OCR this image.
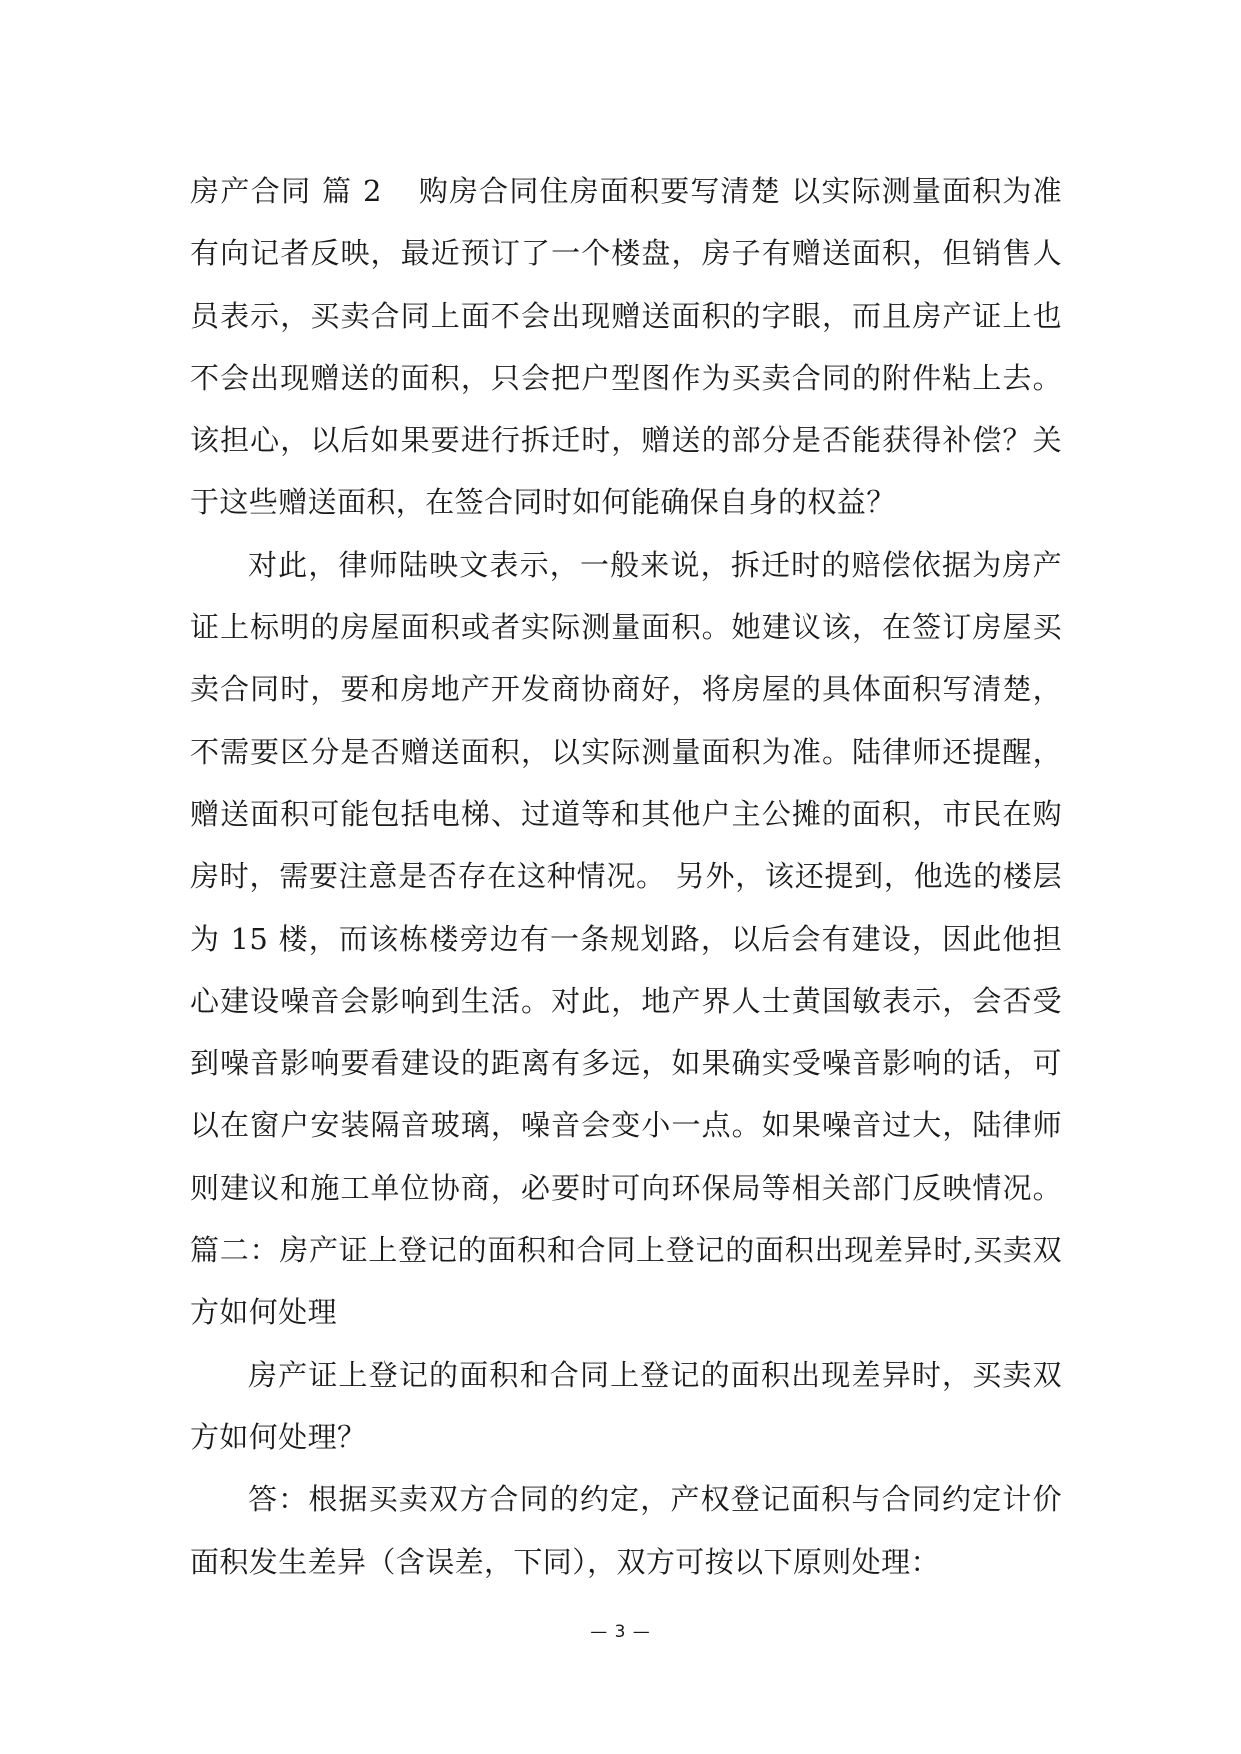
房产合同 篇 2 购房合同住房面积要写清楚 以实际测量面积为准 有向记者反映，最近预订了一个楼盘，房子有赠送面积，但销售人员表示，买卖合同上面不会出现赠送面积的字眼，而且房产证上也不会出现赠送的面积，只会把户型图作为买卖合同的附件粘上去。该担心，以后如果要进行拆迁时，赠送的部分是否能获得补偿？关于这些赠送面积，在签合同时如何能确保自身的权益？

对此，律师陆映文表示，一般来说，拆迁时的赔偿依据为房产证上标明的房屋面积或者实际测量面积。她建议该，在签订房屋买卖合同时，要和房地产开发商协商好，将房屋的具体面积写清楚，不需要区分是否赠送面积，以实际测量面积为准。陆律师还提醒，赠送面积可能包括电梯、过道等和其他户主公摊的面积，市民在购房时，需要注意是否存在这种情况。 另外，该还提到，他选的楼层为 15 楼，而该栋楼旁边有一条规划路，以后会有建设，因此他担心建设噪音会影响到生活。对此，地产界人士黄国敏表示，会否受到噪音影响要看建设的距离有多远，如果确实受噪音影响的话，可以在窗户安装隔音玻璃，噪音会变小一点。如果噪音过大，陆律师则建议和施工单位协商，必要时可向环保局等相关部门反映情况。 篇二：房产证上登记的面积和合同上登记的面积出现差异时,买卖双方如何处理

房产证上登记的面积和合同上登记的面积出现差异时，买卖双方如何处理？

答：根据买卖双方合同的约定，产权登记面积与合同约定计价面积发生差异（含误差，下同），双方可按以下原则处理：

— 3 —
